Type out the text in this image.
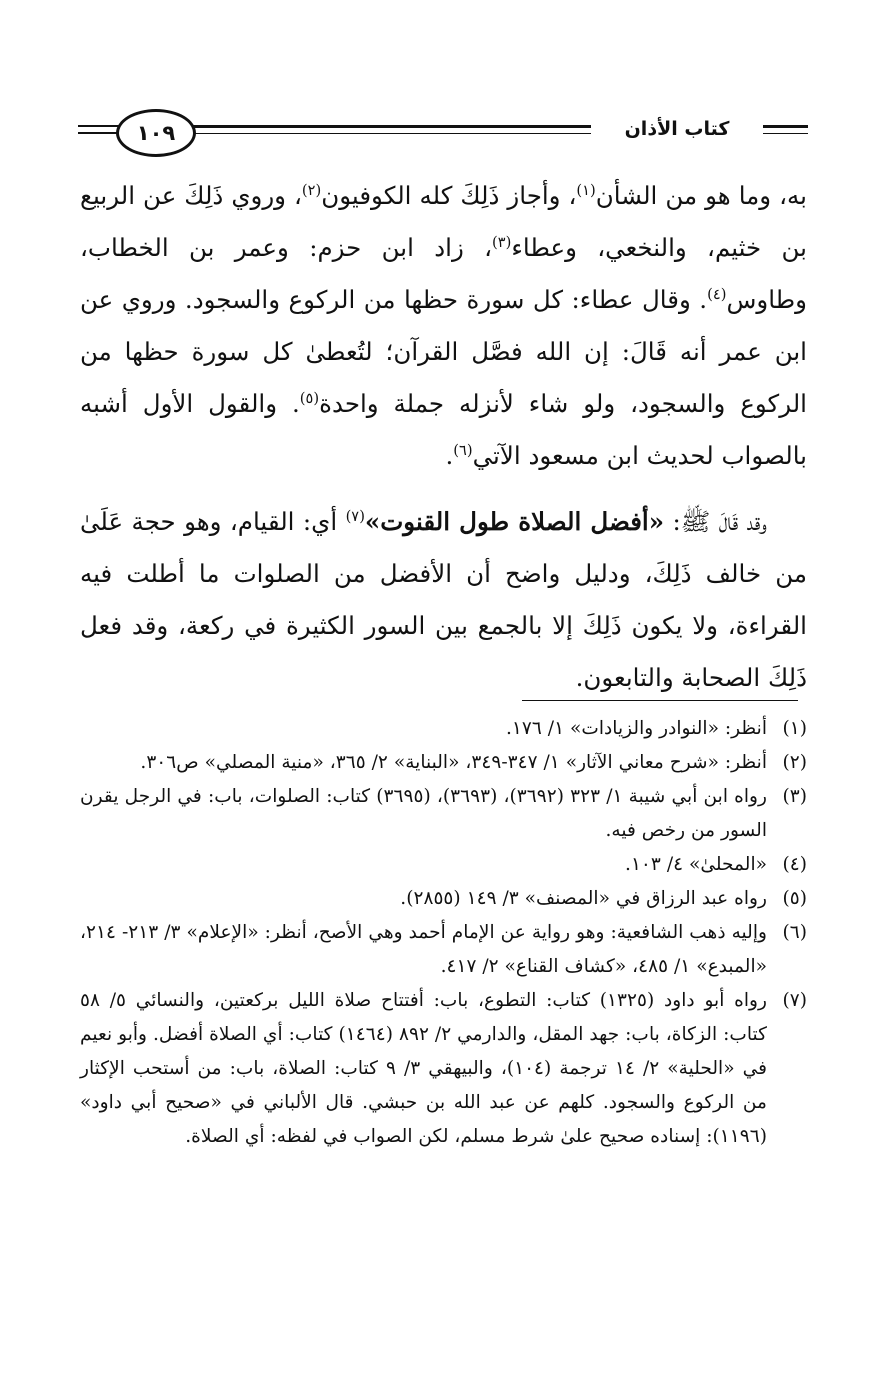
١٠٩	كتاب الأذان

به، وما هو من الشأن$^{(١)}$، وأجاز ذَلِكَ كله الكوفيون$^{(٢)}$، وروي ذَلِكَ عن الربيع بن خثيم، والنخعي، وعطاء$^{(٣)}$، زاد ابن حزم: وعمر بن الخطاب، وطاوس$^{(٤)}$. وقال عطاء: كل سورة حظها من الركوع والسجود. وروي عن ابن عمر أنه قَالَ: إن الله فصَّل القرآن؛ لتُعطىٰ كل سورة حظها من الركوع والسجود، ولو شاء لأنزله جملة واحدة$^{(٥)}$. والقول الأول أشبه بالصواب لحديث ابن مسعود الآتي$^{(٦)}$.

وقد قَالَ ﷺ: «أفضل الصلاة طول القنوت»$^{(٧)}$ أي: القيام، وهو حجة عَلَىٰ من خالف ذَلِكَ، ودليل واضح أن الأفضل من الصلوات ما أطلت فيه القراءة، ولا يكون ذَلِكَ إلا بالجمع بين السور الكثيرة في ركعة، وقد فعل ذَلِكَ الصحابة والتابعون.

(١)
أنظر: «النوادر والزيادات» ١/ ١٧٦.
(٢)
أنظر: «شرح معاني الآثار» ١/ ٣٤٧-٣٤٩، «البناية» ٢/ ٣٦٥، «منية المصلي» ص٣٠٦.
(٣)
رواه ابن أبي شيبة ١/ ٣٢٣ (٣٦٩٢)، (٣٦٩٣)، (٣٦٩٥) كتاب: الصلوات، باب: في الرجل يقرن السور من رخص فيه.
(٤)
«المحلىٰ» ٤/ ١٠٣.
(٥)
رواه عبد الرزاق في «المصنف» ٣/ ١٤٩ (٢٨٥٥).
(٦)
وإليه ذهب الشافعية: وهو رواية عن الإمام أحمد وهي الأصح، أنظر: «الإعلام» ٣/ ٢١٣- ٢١٤، «المبدع» ١/ ٤٨٥، «كشاف القناع» ٢/ ٤١٧.
(٧)
رواه أبو داود (١٣٢٥) كتاب: التطوع، باب: أفتتاح صلاة الليل بركعتين، والنسائي ٥/ ٥٨ كتاب: الزكاة، باب: جهد المقل، والدارمي ٢/ ٨٩٢ (١٤٦٤) كتاب: أي الصلاة أفضل. وأبو نعيم في «الحلية» ٢/ ١٤ ترجمة (١٠٤)، والبيهقي ٣/ ٩ كتاب: الصلاة، باب: من أستحب الإكثار من الركوع والسجود. كلهم عن عبد الله بن حبشي. قال الألباني في «صحيح أبي داود» (١١٩٦): إسناده صحيح علىٰ شرط مسلم، لكن الصواب في لفظه: أي الصلاة.
